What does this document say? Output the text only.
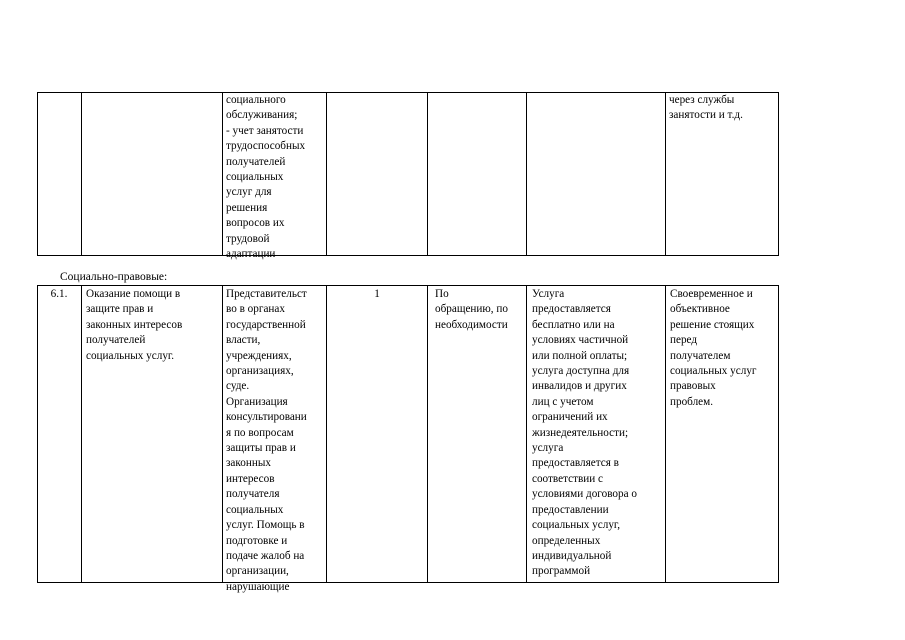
социального
обслуживания;
- учет занятости
трудоспособных
получателей
социальных
услуг для
решения
вопросов их
трудовой
адаптации
через службы
занятости и т.д.
Социально-правовые:
6.1.	Оказание помощи в
защите прав и
законных интересов
получателей
социальных услуг.
Представительст
во в органах
государственной
власти,
учреждениях,
организациях,
суде.
Организация
консультировани
я по вопросам
защиты прав и
законных
интересов
получателя
социальных
услуг. Помощь в
подготовке и
подаче жалоб на
организации,
нарушающие
1	По
обращению, по
необходимости
Услуга
предоставляется
бесплатно или на
условиях частичной
или полной оплаты;
услуга доступна для
инвалидов и других
лиц с учетом
ограничений их
жизнедеятельности;
услуга
предоставляется в
соответствии с
условиями договора о
предоставлении
социальных услуг,
определенных
индивидуальной
программой
Своевременное и
объективное
решение стоящих
перед
получателем
социальных услуг
правовых
проблем.
